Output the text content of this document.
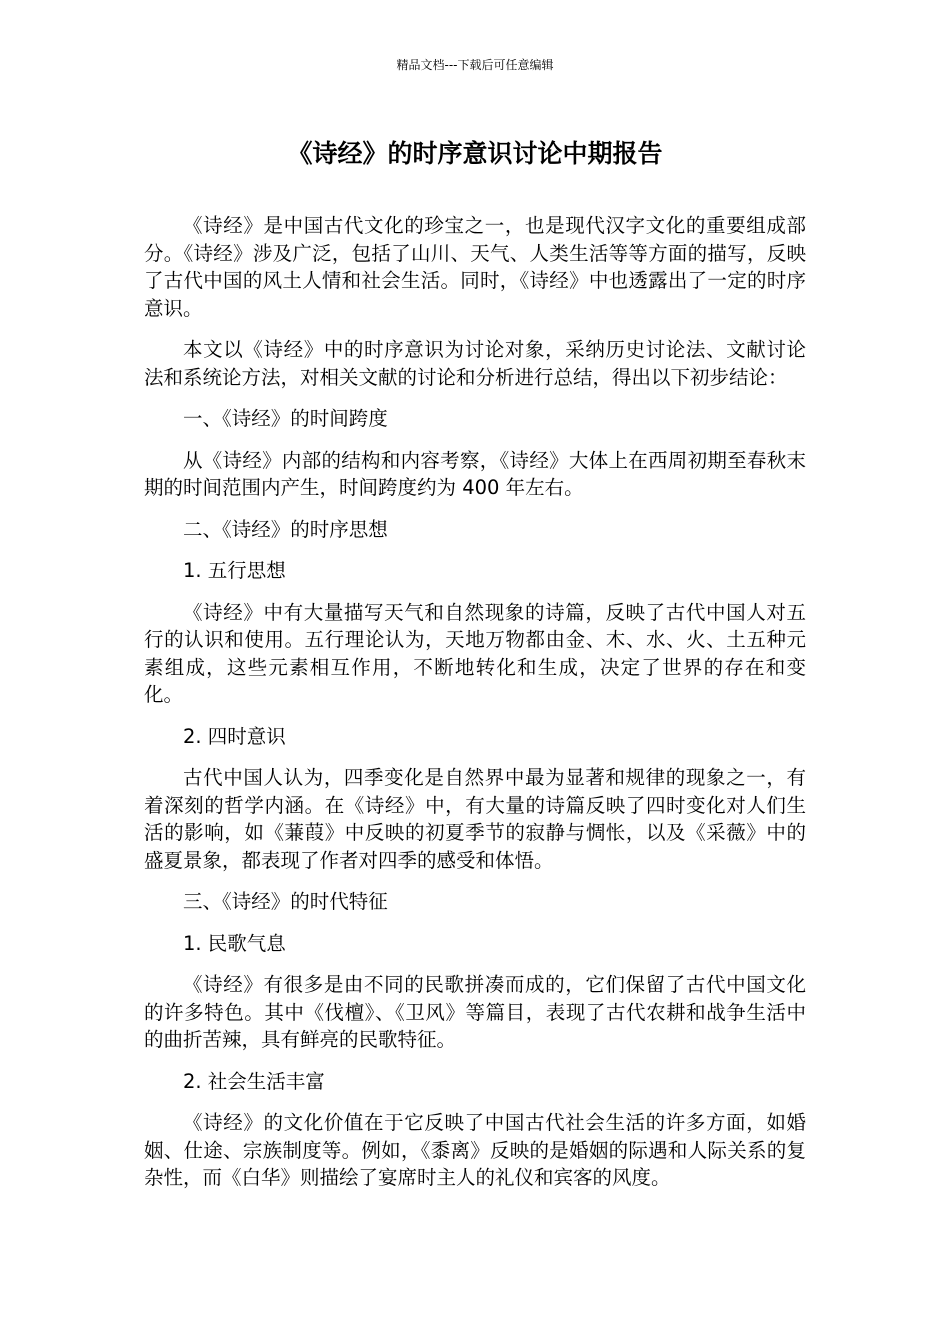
精品文档---下载后可任意编辑
《诗经》的时序意识讨论中期报告
《诗经》是中国古代文化的珍宝之一，也是现代汉字文化的重要组成部分。《诗经》涉及广泛，包括了山川、天气、人类生活等等方面的描写，反映了古代中国的风土人情和社会生活。同时，《诗经》中也透露出了一定的时序意识。
本文以《诗经》中的时序意识为讨论对象，采纳历史讨论法、文献讨论法和系统论方法，对相关文献的讨论和分析进行总结，得出以下初步结论：
一、《诗经》的时间跨度
从《诗经》内部的结构和内容考察，《诗经》大体上在西周初期至春秋末期的时间范围内产生，时间跨度约为 400 年左右。
二、《诗经》的时序思想
1. 五行思想
《诗经》中有大量描写天气和自然现象的诗篇，反映了古代中国人对五行的认识和使用。五行理论认为，天地万物都由金、木、水、火、土五种元素组成，这些元素相互作用，不断地转化和生成，决定了世界的存在和变化。
2. 四时意识
古代中国人认为，四季变化是自然界中最为显著和规律的现象之一，有着深刻的哲学内涵。在《诗经》中，有大量的诗篇反映了四时变化对人们生活的影响，如《蒹葭》中反映的初夏季节的寂静与惆怅，以及《采薇》中的盛夏景象，都表现了作者对四季的感受和体悟。
三、《诗经》的时代特征
1. 民歌气息
《诗经》有很多是由不同的民歌拼凑而成的，它们保留了古代中国文化的许多特色。其中《伐檀》、《卫风》等篇目，表现了古代农耕和战争生活中的曲折苦辣，具有鲜亮的民歌特征。
2. 社会生活丰富
《诗经》的文化价值在于它反映了中国古代社会生活的许多方面，如婚姻、仕途、宗族制度等。例如，《黍离》反映的是婚姻的际遇和人际关系的复杂性，而《白华》则描绘了宴席时主人的礼仪和宾客的风度。
